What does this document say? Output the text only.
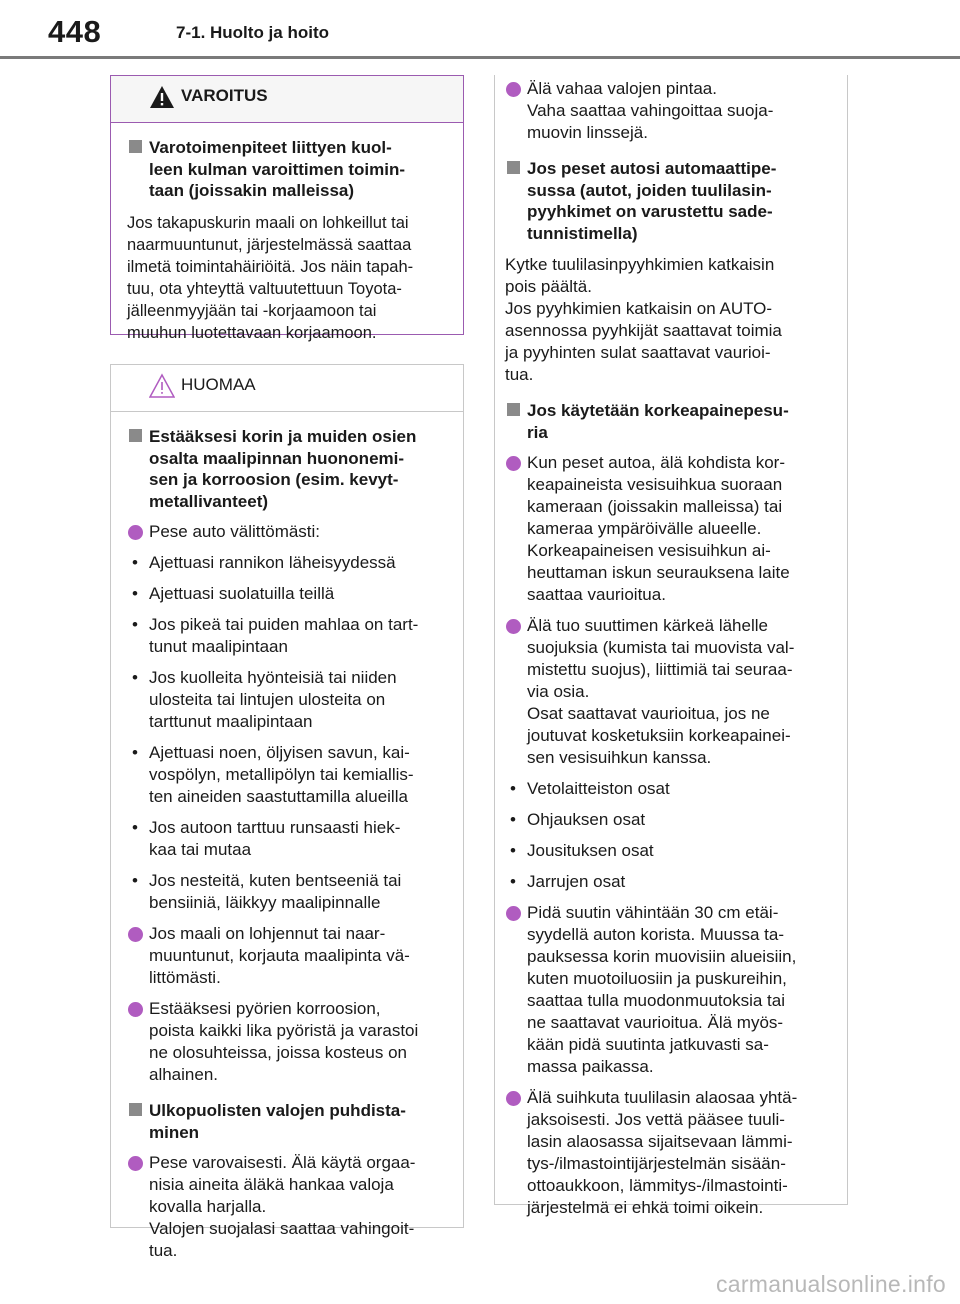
448	7-1. Huolto ja hoito
VAROITUS
Varotoimenpiteet liittyen kuol-
leen kulman varoittimen toimin-
taan (joissakin malleissa)
Jos takapuskurin maali on lohkeillut tai
naarmuuntunut, järjestelmässä saattaa
ilmetä toimintahäiriöitä. Jos näin tapah-
tuu, ota yhteyttä valtuutettuun Toyota-
jälleenmyyjään tai -korjaamoon tai
muuhun luotettavaan korjaamoon.
HUOMAA
Estääksesi korin ja muiden osien
osalta maalipinnan huononemi-
sen ja korroosion (esim. kevyt-
metallivanteet)
Pese auto välittömästi:
• Ajettuasi rannikon läheisyydessä
• Ajettuasi suolatuilla teillä
• Jos pikeä tai puiden mahlaa on tart-
tunut maalipintaan
• Jos kuolleita hyönteisiä tai niiden
ulosteita tai lintujen ulosteita on
tarttunut maalipintaan
• Ajettuasi noen, öljyisen savun, kai-
vospölyn, metallipölyn tai kemiallis-
ten aineiden saastuttamilla alueilla
• Jos autoon tarttuu runsaasti hiek-
kaa tai mutaa
• Jos nesteitä, kuten bentseeniä tai
bensiiniä, läikkyy maalipinnalle
Jos maali on lohjennut tai naar-
muuntunut, korjauta maalipinta vä-
littömästi.
Estääksesi pyörien korroosion,
poista kaikki lika pyöristä ja varastoi
ne olosuhteissa, joissa kosteus on
alhainen.
Ulkopuolisten valojen puhdista-
minen
Pese varovaisesti. Älä käytä orgaa-
nisia aineita äläkä hankaa valoja
kovalla harjalla.
Valojen suojalasi saattaa vahingoit-
tua.
Älä vahaa valojen pintaa.
Vaha saattaa vahingoittaa suoja-
muovin linssejä.
Jos peset autosi automaattipe-
sussa (autot, joiden tuulilasin-
pyyhkimet on varustettu sade-
tunnistimella)
Kytke tuulilasinpyyhkimien katkaisin
pois päältä.
Jos pyyhkimien katkaisin on AUTO-
asennossa pyyhkijät saattavat toimia
ja pyyhinten sulat saattavat vaurioi-
tua.
Jos käytetään korkeapainepesu-
ria
Kun peset autoa, älä kohdista kor-
keapaineista vesisuihkua suoraan
kameraan (joissakin malleissa) tai
kameraa ympäröivälle alueelle.
Korkeapaineisen vesisuihkun ai-
heuttaman iskun seurauksena laite
saattaa vaurioitua.
Älä tuo suuttimen kärkeä lähelle
suojuksia (kumista tai muovista val-
mistettu suojus), liittimiä tai seuraa-
via osia.
Osat saattavat vaurioitua, jos ne
joutuvat kosketuksiin korkeapainei-
sen vesisuihkun kanssa.
• Vetolaitteiston osat
• Ohjauksen osat
• Jousituksen osat
• Jarrujen osat
Pidä suutin vähintään 30 cm etäi-
syydellä auton korista. Muussa ta-
pauksessa korin muovisiin alueisiin,
kuten muotoiluosiin ja puskureihin,
saattaa tulla muodonmuutoksia tai
ne saattavat vaurioitua. Älä myös-
kään pidä suutinta jatkuvasti sa-
massa paikassa.
Älä suihkuta tuulilasin alaosaa yhtä-
jaksoisesti. Jos vettä pääsee tuuli-
lasin alaosassa sijaitsevaan lämmi-
tys-/ilmastointijärjestelmän sisään-
ottoaukkoon, lämmitys-/ilmastointi-
järjestelmä ei ehkä toimi oikein.
carmanualsonline.info
